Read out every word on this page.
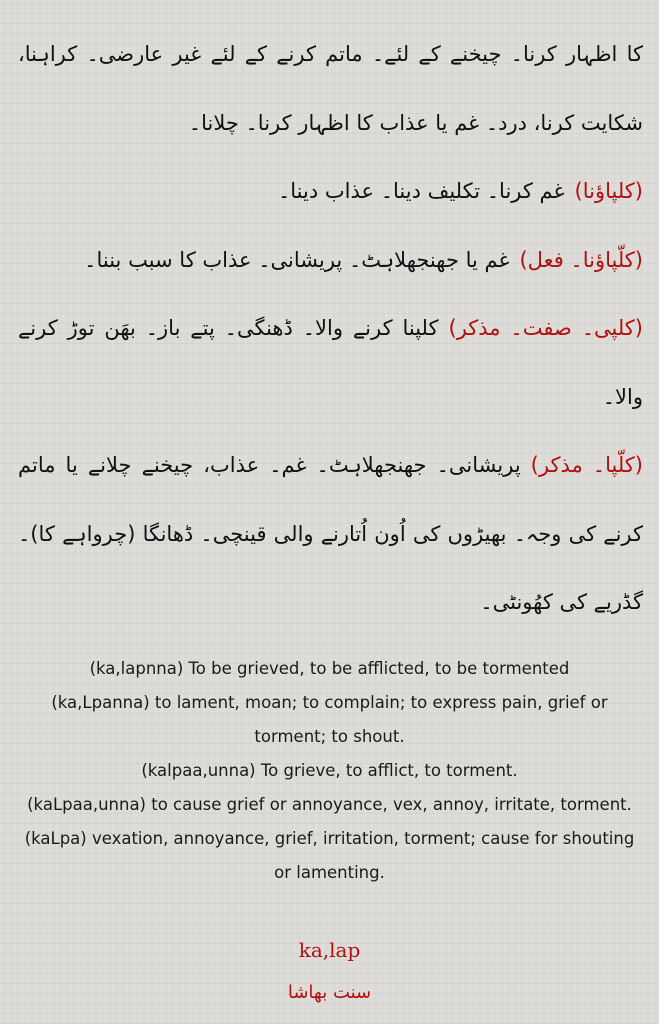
کا اظہار کرنا۔ چیخنے کے لئے۔ ماتم کرنے کے لئے غیر عارضی۔ کراہنا، شکایت کرنا، درد۔ غم یا عذاب کا اظہار کرنا۔ چلانا۔

(کلپاؤنا)غم کرنا۔ تکلیف دینا۔ عذاب دینا۔

(کلّپاؤنا۔ فعل)غم یا جھنجھلاہٹ۔ پریشانی۔ عذاب کا سبب بننا۔

(کلپی۔ صفت۔ مذکر)کلپنا کرنے والا۔ ڈھنگی۔ پتے باز۔ بھَن توڑ کرنے والا۔

(کلّپا۔ مذکر)پریشانی۔ جھنجھلاہٹ۔ غم۔ عذاب، چیخنے چلانے یا ماتم کرنے کی وجہ۔ بھیڑوں کی اُون اُتارنے والی قینچی۔ ڈھانگا (چرواہے کا)۔ گڈریے کی کھُونٹی۔

(ka,lapnna) To be grieved, to be afflicted, to be tormented

(ka,Lpanna) to lament, moan; to complain; to express pain, grief or torment; to shout.

(kalpaa,unna) To grieve, to afflict, to torment.

(kaLpaa,unna) to cause grief or annoyance, vex, annoy, irritate, torment.

(kaLpa) vexation, annoyance, grief, irritation, torment; cause for shouting or lamenting.

ka,lap
سنت بھاشا
